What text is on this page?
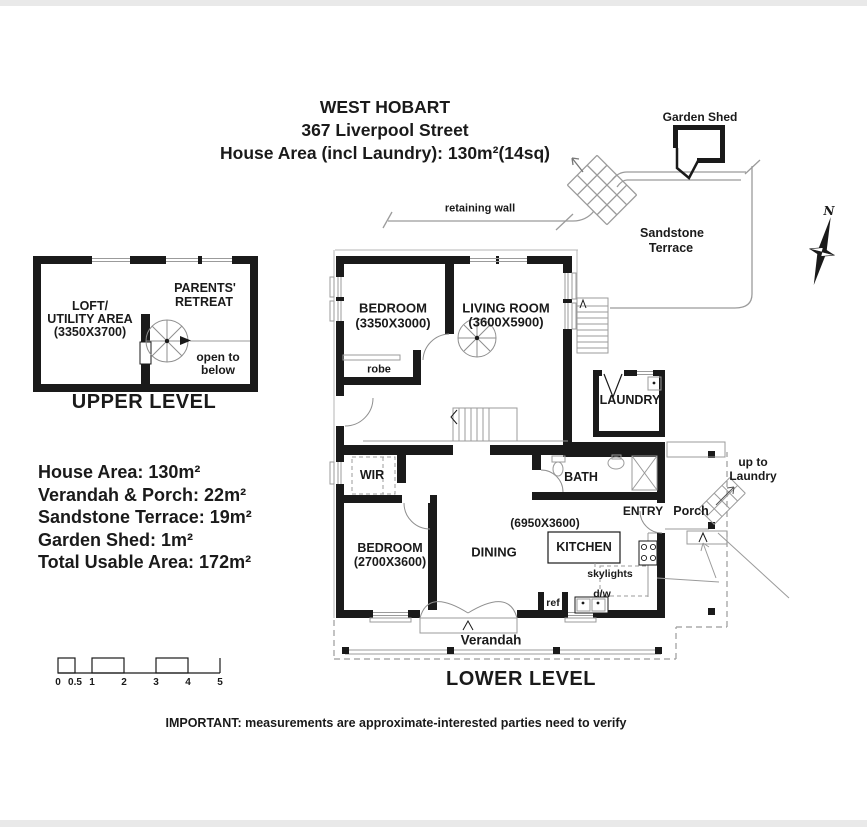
WEST HOBART
367 Liverpool Street
House Area (incl Laundry): 130m²(14sq)
Garden Shed
retaining wall
Sandstone
Terrace
N
PARENTS'
RETREAT
LOFT/
UTILITY AREA
(3350X3700)
open to
below
UPPER LEVEL
BEDROOM
(3350X3000)
LIVING ROOM
(3600X5900)
robe
LAUNDRY
WIR	BATH
ENTRY
(6950X3600)
KITCHEN
DINING
BEDROOM
(2700X3600)
skylights
d/w
ref
Verandah
Porch
up to
Laundry
LOWER LEVEL
House Area: 130m²
Verandah & Porch: 22m²
Sandstone Terrace: 19m²
Garden Shed: 1m²
Total Usable Area: 172m²
0 0.5 1	2	3	4	5
IMPORTANT: measurements are approximate-interested parties need to verify
